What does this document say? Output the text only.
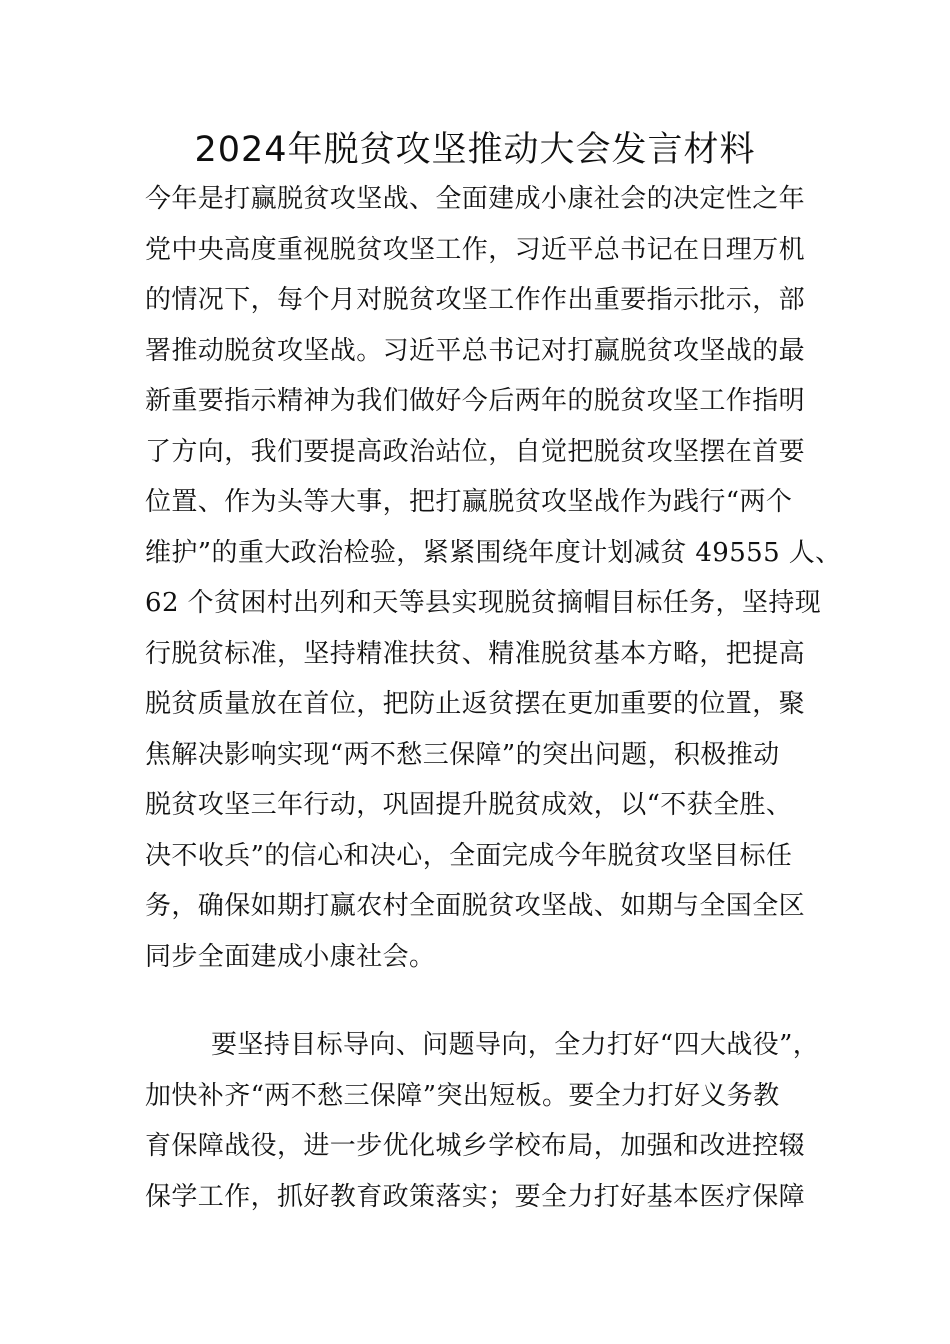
2024年脱贫攻坚推动大会发言材料
今年是打赢脱贫攻坚战、全面建成小康社会的决定性之年
党中央高度重视脱贫攻坚工作，习近平总书记在日理万机
的情况下，每个月对脱贫攻坚工作作出重要指示批示，部
署推动脱贫攻坚战。习近平总书记对打赢脱贫攻坚战的最
新重要指示精神为我们做好今后两年的脱贫攻坚工作指明
了方向，我们要提高政治站位，自觉把脱贫攻坚摆在首要
位置、作为头等大事，把打赢脱贫攻坚战作为践行“两个
维护”的重大政治检验，紧紧围绕年度计划减贫 49555 人、
62 个贫困村出列和天等县实现脱贫摘帽目标任务，坚持现
行脱贫标准，坚持精准扶贫、精准脱贫基本方略，把提高
脱贫质量放在首位，把防止返贫摆在更加重要的位置，聚
焦解决影响实现“两不愁三保障”的突出问题，积极推动
脱贫攻坚三年行动，巩固提升脱贫成效，以“不获全胜、
决不收兵”的信心和决心，全面完成今年脱贫攻坚目标任
务，确保如期打赢农村全面脱贫攻坚战、如期与全国全区
同步全面建成小康社会。
要坚持目标导向、问题导向，全力打好“四大战役”，
加快补齐“两不愁三保障”突出短板。要全力打好义务教
育保障战役，进一步优化城乡学校布局，加强和改进控辍
保学工作，抓好教育政策落实；要全力打好基本医疗保障
